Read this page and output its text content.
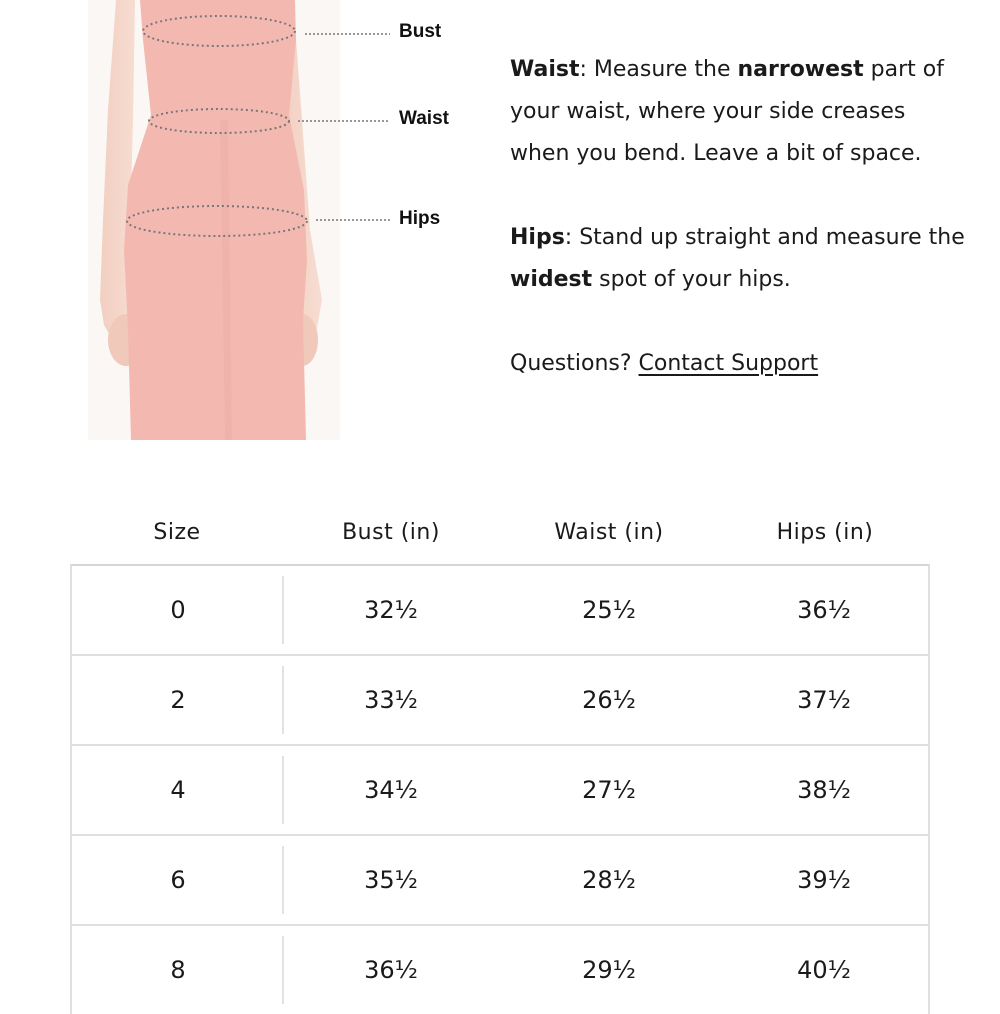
Bust
Waist
Hips

Waist: Measure the narrowest part of your waist, where your side creases when you bend. Leave a bit of space.

Hips: Stand up straight and measure the widest spot of your hips.

Questions? Contact Support

Size	Bust (in)	Waist (in)	Hips (in)
0	32½	25½	36½
2	33½	26½	37½
4	34½	27½	38½
6	35½	28½	39½
8	36½	29½	40½
